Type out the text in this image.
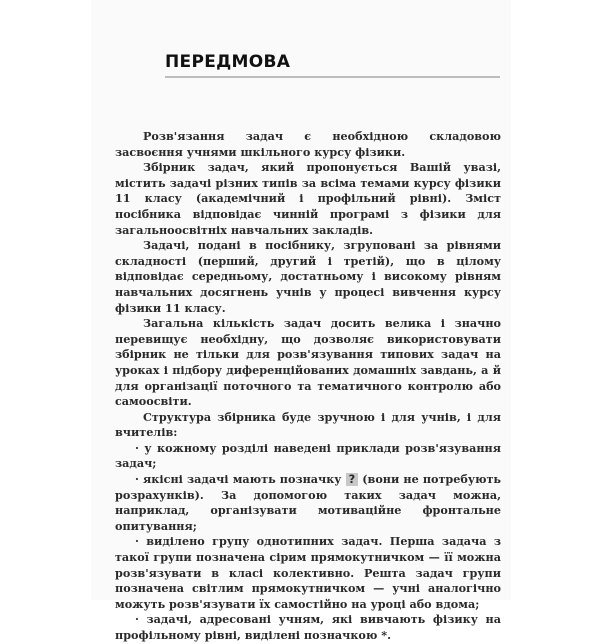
ПЕРЕДМОВА

Розв'язання задач є необхідною складовою засвоєння учнями шкільного курсу фізики.

Збірник задач, який пропонується Вашій увазі, містить задачі різних типів за всіма темами курсу фізики 11 класу (академічний і профільний рівні). Зміст посібника відповідає чинній програмі з фізики для загальноосвітніх навчальних закладів.

Задачі, подані в посібнику, згруповані за рівнями складності (перший, другий і третій), що в цілому відповідає середньому, достатньому і високому рівням навчальних досягнень учнів у процесі вивчення курсу фізики 11 класу.

Загальна кількість задач досить велика і значно перевищує необхідну, що дозволяє використовувати збірник не тільки для розв'язування типових задач на уроках і підбору диференційованих домашніх завдань, а й для організації поточного та тематичного контролю або самоосвіти.

Структура збірника буде зручною і для учнів, і для вчителів:

· у кожному розділі наведені приклади розв'язування задач;

· якісні задачі мають позначку ? (вони не потребують розрахунків). За допомогою таких задач можна, наприклад, організувати мотиваційне фронтальне опитування;

· виділено групу однотипних задач. Перша задача з такої групи позначена сірим прямокутничком — її можна розв'язувати в класі колективно. Решта задач групи позначена світлим прямокутничком — учні аналогічно можуть розв'язувати їх самостійно на уроці або вдома;

· задачі, адресовані учням, які вивчають фізику на профільному рівні, виділені позначкою *.
